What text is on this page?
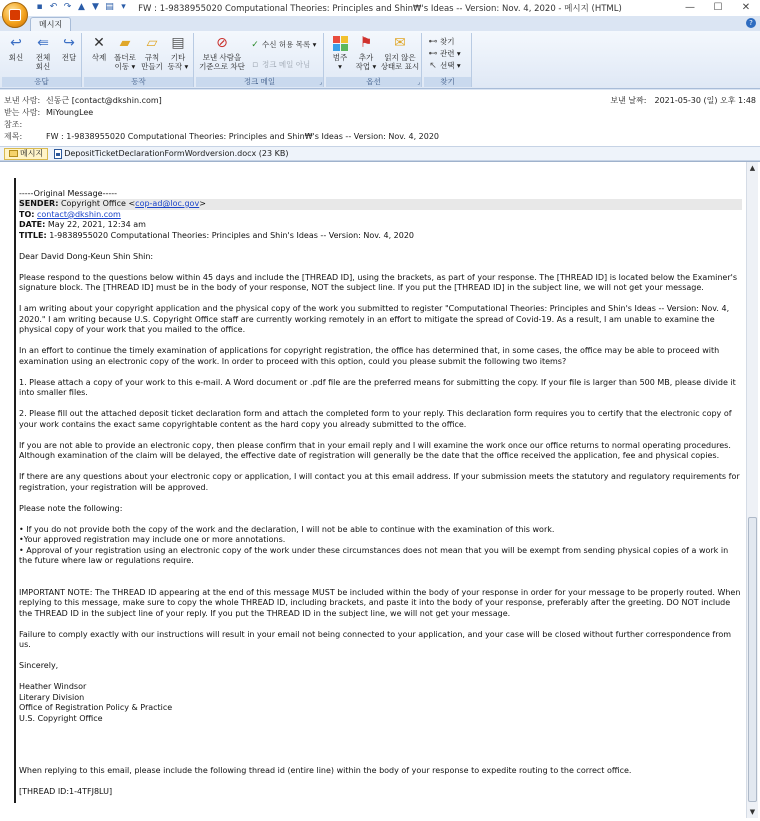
▪ ↶ ↷ ▲ ▼ ▤ ▾	FW : 1-9838955020 Computational Theories: Principles and Shin₩'s Ideas -- Version: Nov. 4, 2020 - 메시지 (HTML)	—	☐	✕
메시지	?
↩
회신
⇚
전체
회신
↪
전달
응답
✕
삭제
▰
폴더로
이동 ▾
▱
규칙
만들기
▤
기타
동작 ▾
동작
⊘
보낸 사람을
기준으로 차단
✓ 수신 허용 목록 ▾
▫ 정크 메일 아님
정크 메일	⌟
범주
▾
⚑
추가
작업 ▾
✉
읽지 않은
상태로 표시
옵션	⌟
⊷ 찾기
⊷ 관련 ▾
↖ 선택 ▾
찾기
보낸 사람: 신동근 [contact@dkshin.com]
받는 사람: MiYoungLee
참조:
제목:	FW : 1-9838955020 Computational Theories: Principles and Shin₩'s Ideas -- Version: Nov. 4, 2020
보낸 날짜: 2021-05-30 (일) 오후 1:48
메시지	DepositTicketDeclarationFormWordversion.docx (23 KB)

-----Original Message-----

SENDER: Copyright Office <cop-ad@loc.gov>

TO: contact@dkshin.com

DATE: May 22, 2021, 12:34 am

TITLE: 1-9838955020 Computational Theories: Principles and Shin's Ideas -- Version: Nov. 4, 2020

Dear David Dong-Keun Shin Shin:

Please respond to the questions below within 45 days and include the [THREAD ID], using the brackets, as part of your response. The [THREAD ID] is located below the Examiner's signature block. The [THREAD ID] must be in the body of your response, NOT the subject line. If you put the [THREAD ID] in the subject line, we will not get your message.

I am writing about your copyright application and the physical copy of the work you submitted to register "Computational Theories: Principles and Shin's Ideas -- Version: Nov. 4, 2020." I am writing because U.S. Copyright Office staff are currently working remotely in an effort to mitigate the spread of Covid-19. As a result, I am unable to examine the physical copy of your work that you mailed to the office.

In an effort to continue the timely examination of applications for copyright registration, the office has determined that, in some cases, the office may be able to proceed with examination using an electronic copy of the work. In order to proceed with this option, could you please submit the following two items?

1. Please attach a copy of your work to this e-mail. A Word document or .pdf file are the preferred means for submitting the copy. If your file is larger than 500 MB, please divide it into smaller files.

2. Please fill out the attached deposit ticket declaration form and attach the completed form to your reply. This declaration form requires you to certify that the electronic copy of your work contains the exact same copyrightable content as the hard copy you already submitted to the office.

If you are not able to provide an electronic copy, then please confirm that in your email reply and I will examine the work once our office returns to normal operating procedures. Although examination of the claim will be delayed, the effective date of registration will generally be the date that the office received the application, fee and physical copies.

If there are any questions about your electronic copy or application, I will contact you at this email address. If your submission meets the statutory and regulatory requirements for registration, your registration will be approved.

Please note the following:

• If you do not provide both the copy of the work and the declaration, I will not be able to continue with the examination of this work.

•Your approved registration may include one or more annotations.

• Approval of your registration using an electronic copy of the work under these circumstances does not mean that you will be exempt from sending physical copies of a work in the future where law or regulations require.

IMPORTANT NOTE: The THREAD ID appearing at the end of this message MUST be included within the body of your response in order for your message to be properly routed. When replying to this message, make sure to copy the whole THREAD ID, including brackets, and paste it into the body of your response, preferably after the greeting. DO NOT include the THREAD ID in the subject line of your reply. If you put the THREAD ID in the subject line, we will not get your message.

Failure to comply exactly with our instructions will result in your email not being connected to your application, and your case will be closed without further correspondence from us.

Sincerely,

Heather Windsor

Literary Division

Office of Registration Policy & Practice

U.S. Copyright Office

When replying to this email, please include the following thread id (entire line) within the body of your response to expedite routing to the correct office.

[THREAD ID:1-4TFJ8LU]

▲
▼
